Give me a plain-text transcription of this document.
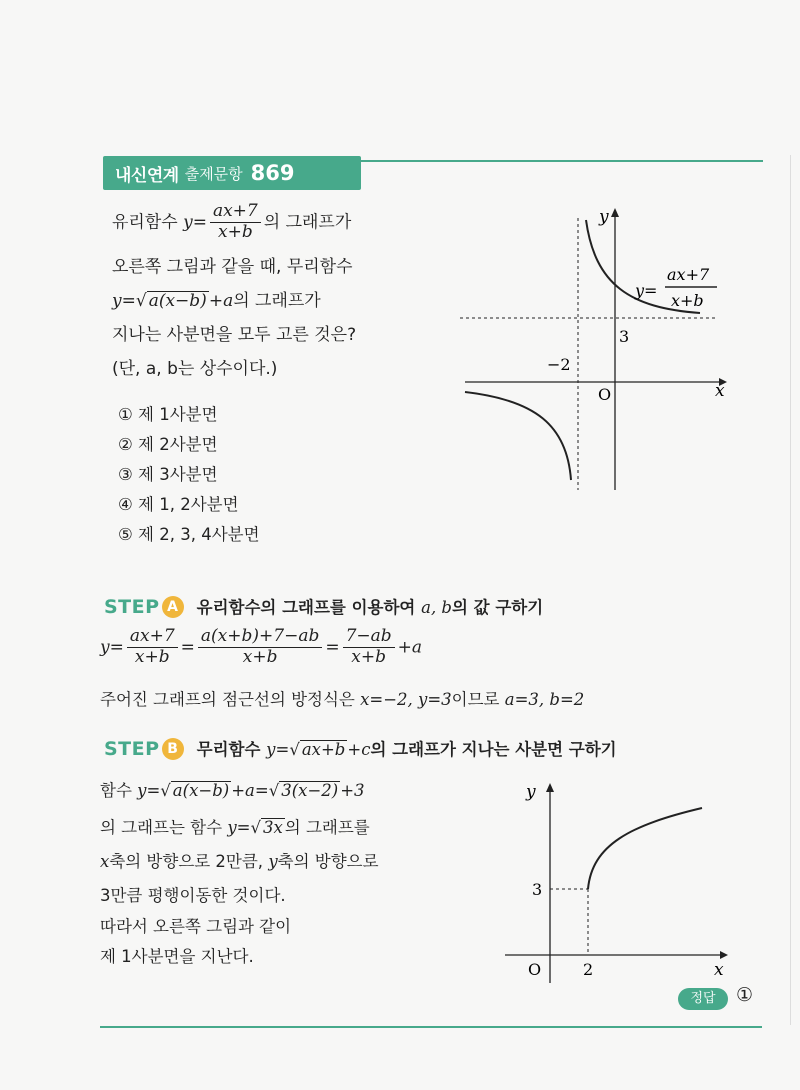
내신연계 출제문항 869
유리함수 $y= \frac{ax+7}{x+b}$ 의 그래프가
오른쪽 그림과 같을 때, 무리함수
y=√ a(x−b) +a의 그래프가
지나는 사분면을 모두 고른 것은?
(단, a, b는 상수이다.)
① 제 1사분면
② 제 2사분면
③ 제 3사분면
④ 제 1, 2사분면
⑤ 제 2, 3, 4사분면
y
x
O
3
−2
y=
ax+7
x+b
STEP A 유리함수의 그래프를 이용하여 a, b의 값 구하기
$y= \frac{ax+7}{x+b} = \frac{a(x+b)+7-ab}{x+b} = \frac{7-ab}{x+b} +a$
주어진 그래프의 점근선의 방정식은 x=−2, y=3이므로 a=3, b=2
STEP B 무리함수 y=√ ax+b +c의 그래프가 지나는 사분면 구하기
함수 y=√ a(x−b) +a=√ 3(x−2) +3
의 그래프는 함수 y=√ 3x 의 그래프를
x축의 방향으로 2만큼, y축의 방향으로
3만큼 평행이동한 것이다.
따라서 오른쪽 그림과 같이
제 1사분면을 지난다.
y
x
O
3
2
정답	①
